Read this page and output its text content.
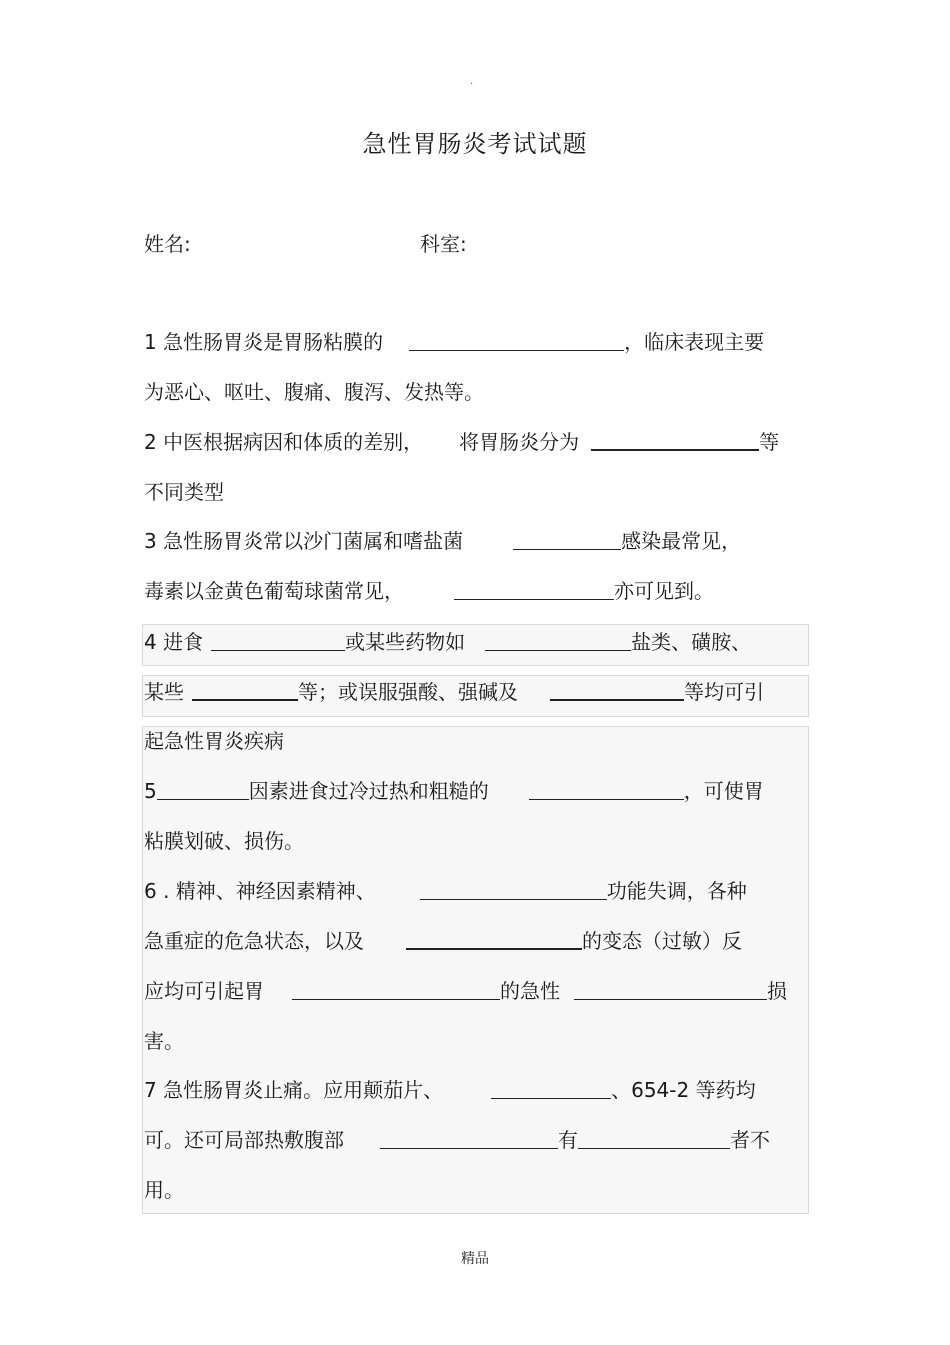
.
急性胃肠炎考试试题
姓名:	科室:
1 急性肠胃炎是胃肠粘膜的	，临床表现主要
为恶心、呕吐、腹痛、腹泻、发热等。
2 中医根据病因和体质的差别， 将胃肠炎分为	等
不同类型
3 急性肠胃炎常以沙门菌属和嗜盐菌	感染最常见，
毒素以金黄色葡萄球菌常见，	亦可见到。
4 进食	或某些药物如	盐类、磺胺、
某些	等；或误服强酸、强碱及	等均可引
起急性胃炎疾病
5	因素进食过冷过热和粗糙的	，可使胃
粘膜划破、损伤。
6 . 精神、神经因素精神、	功能失调，各种
急重症的危急状态，以及	的变态（过敏）反
应均可引起胃	的急性	损
害。
7 急性肠胃炎止痛。应用颠茄片、	、654-2 等药均
可。还可局部热敷腹部	有	者不
用。
精品
